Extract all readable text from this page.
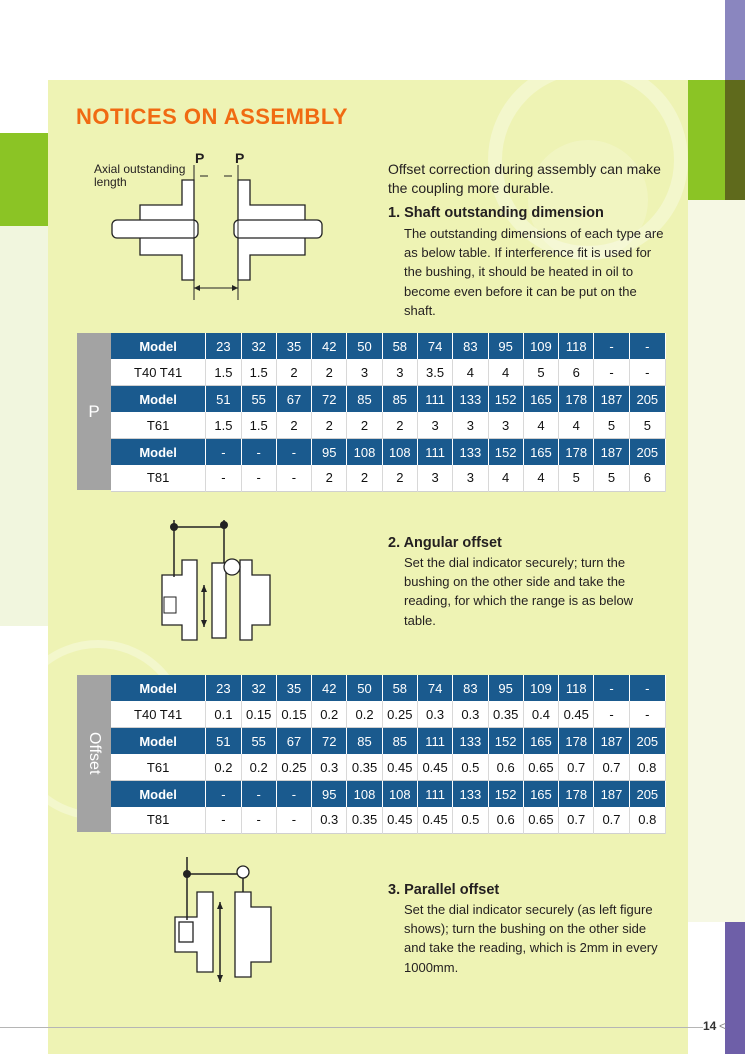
NOTICES ON ASSEMBLY
Offset correction during assembly can make the coupling more durable.
1. Shaft outstanding dimension
The outstanding dimensions of each type are as below table. If interference fit is used for the bushing, it should be heated in oil to become even before it can be put on the shaft.
2. Angular offset
Set the dial indicator securely; turn the bushing on the other side and take the reading, for which the range is as below table.
3. Parallel offset
Set the dial indicator securely (as left figure shows); turn the bushing on the other side and take the reading, which is 2mm in every 1000mm.
Axial outstanding length
P P
P
Model	23	32	35	42	50	58	74	83	95	109	118	-	-
T40 T41	1.5	1.5	2	2	3	3	3.5	4	4	5	6	-	-
Model	51	55	67	72	85	85	111	133	152	165	178	187	205
T61	1.5	1.5	2	2	2	2	3	3	3	4	4	5	5
Model	-	-	-	95	108	108	111	133	152	165	178	187	205
T81	-	-	-	2	2	2	3	3	4	4	5	5	6
Offset
Model	23	32	35	42	50	58	74	83	95	109	118	-	-
T40 T41	0.1	0.15	0.15	0.2	0.2	0.25	0.3	0.3	0.35	0.4	0.45	-	-
Model	51	55	67	72	85	85	111	133	152	165	178	187	205
T61	0.2	0.2	0.25	0.3	0.35	0.45	0.45	0.5	0.6	0.65	0.7	0.7	0.8
Model	-	-	-	95	108	108	111	133	152	165	178	187	205
T81	-	-	-	0.3	0.35	0.45	0.45	0.5	0.6	0.65	0.7	0.7	0.8
14 <
